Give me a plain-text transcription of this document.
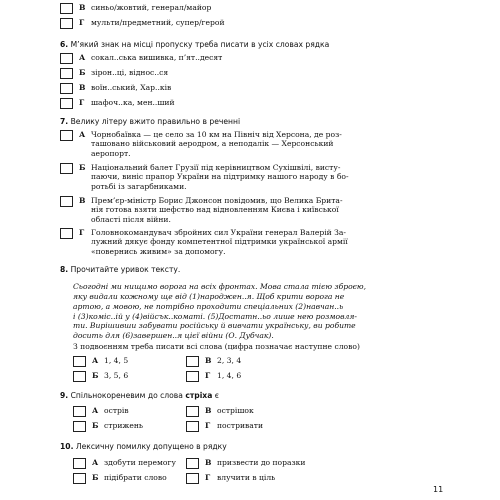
В синьо/жовтий, генерал/майор
Г мульти/предметний, супер/герой
6. М’який знак на місці пропуску треба писати в усіх словах рядка
А сокал..ська вишивка, п’ят..десят
Б зірон..ці, віднос..ся
В воїн..ський, Хар..ків
Г шафоч..ка, мен..ший
7. Велику літеру вжито правильно в реченні
А Чорнобаївка — це село за 10 км на Північ від Херсона, де роз-
ташовано військовий аеродром, а неподалік — Херсонський
аеропорт.
Б Національний балет Грузії під керівництвом Сухішвілі, висту-
паючи, виніс прапор України на підтримку нашого народу в бо-
ротьбі із загарбниками.
В Прем’єр-міністр Борис Джонсон повідомив, що Велика Брита-
нія готова взяти шефство над відновленням Києва і київської
області після війни.
Г Головнокомандувач збройних сил України генерал Валерій За-
лужний дякує фонду компетентної підтримки української армії
«повернись живим» за допомогу.
8. Прочитайте уривок тексту.
Сьогодні ми нищимо ворога на всіх фронтах. Мова стала тією зброєю,
яку видали кожному ще від (1)народжен..я. Щоб крити ворога не
артою, а мовою, не потрібно проходити спеціальних (2)навчан..ь
і (3)коміс..ій у (4)війсък..коматі. (5)Достатн..ьо лише нею розмовля-
ти. Вирішивши забувати російську й вивчати українську, ви робите
досить для (6)завершен..я цієї війни (О. Дубчак).
З подвоєнням треба писати всі слова (цифра позначає наступне слово)
А 1, 4, 5
Б 3, 5, 6
В 2, 3, 4
Г 1, 4, 6
9. Спільнокореневим до слова стріха є
А острів
Б стрижень
В острішок
Г постривати
10. Лексичну помилку допущено в рядку
А здобути перемогу
Б підібрати слово
В призвести до поразки
Г влучити в ціль
11
